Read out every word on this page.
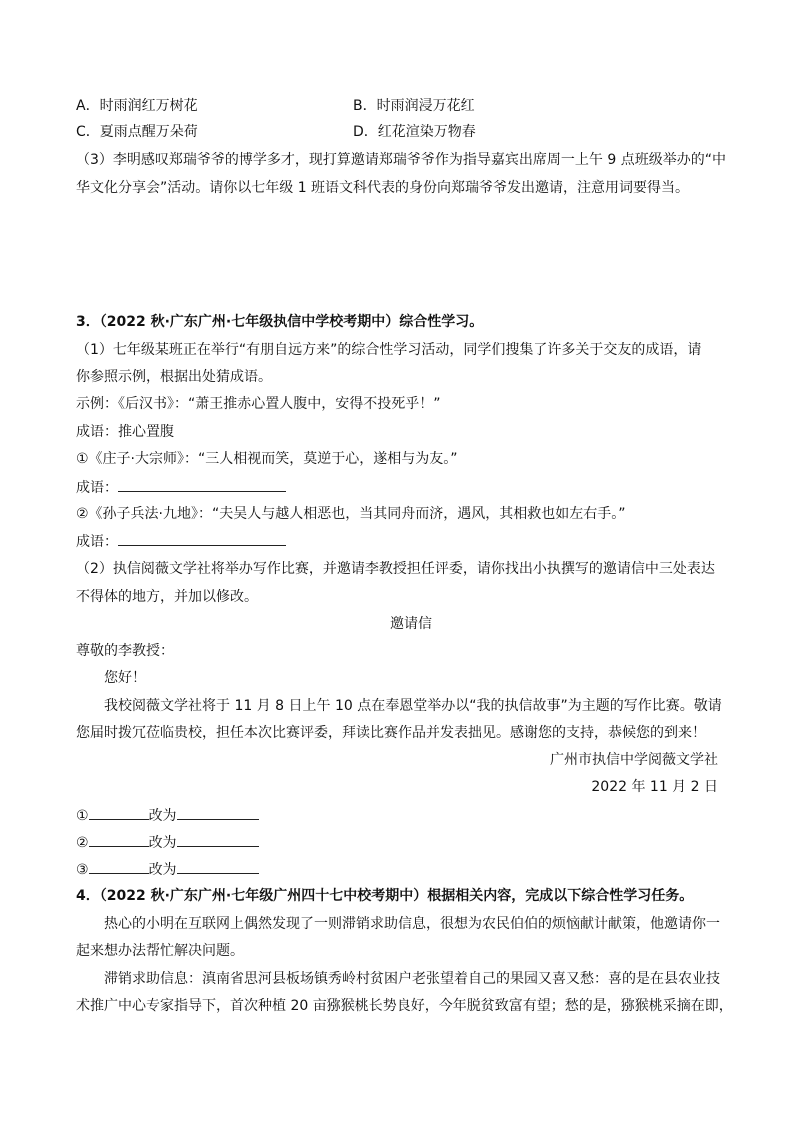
A．时雨润红万树花	B．时雨润浸万花红
C．夏雨点醒万朵荷	D．红花渲染万物春
（3）李明感叹郑瑞爷爷的博学多才，现打算邀请郑瑞爷爷作为指导嘉宾出席周一上午 9 点班级举办的“中
华文化分享会”活动。请你以七年级 1 班语文科代表的身份向郑瑞爷爷发出邀请，注意用词要得当。
3．（2022 秋·广东广州·七年级执信中学校考期中）综合性学习。
（1）七年级某班正在举行“有朋自远方来”的综合性学习活动，同学们搜集了许多关于交友的成语，请
你参照示例，根据出处猜成语。
示例：《后汉书》：“萧王推赤心置人腹中，安得不投死乎！”
成语：推心置腹
①《庄子·大宗师》：“三人相视而笑，莫逆于心，遂相与为友。”
成语：
②《孙子兵法·九地》：“夫吴人与越人相恶也，当其同舟而济，遇风，其相救也如左右手。”
成语：
（2）执信阅薇文学社将举办写作比赛，并邀请李教授担任评委，请你找出小执撰写的邀请信中三处表达
不得体的地方，并加以修改。
邀请信
尊敬的李教授：
您好！
我校阅薇文学社将于 11 月 8 日上午 10 点在奉恩堂举办以“我的执信故事”为主题的写作比赛。敬请
您届时拨冗莅临贵校，担任本次比赛评委，拜读比赛作品并发表拙见。感谢您的支持，恭候您的到来！
广州市执信中学阅薇文学社
2022 年 11 月 2 日
①	改为
②	改为
③	改为
4．（2022 秋·广东广州·七年级广州四十七中校考期中）根据相关内容，完成以下综合性学习任务。
热心的小明在互联网上偶然发现了一则滞销求助信息，很想为农民伯伯的烦恼献计献策，他邀请你一
起来想办法帮忙解决问题。
滞销求助信息：滇南省思河县板场镇秀岭村贫困户老张望着自己的果园又喜又愁：喜的是在县农业技
术推广中心专家指导下，首次种植 20 亩猕猴桃长势良好，今年脱贫致富有望；愁的是，猕猴桃采摘在即，
